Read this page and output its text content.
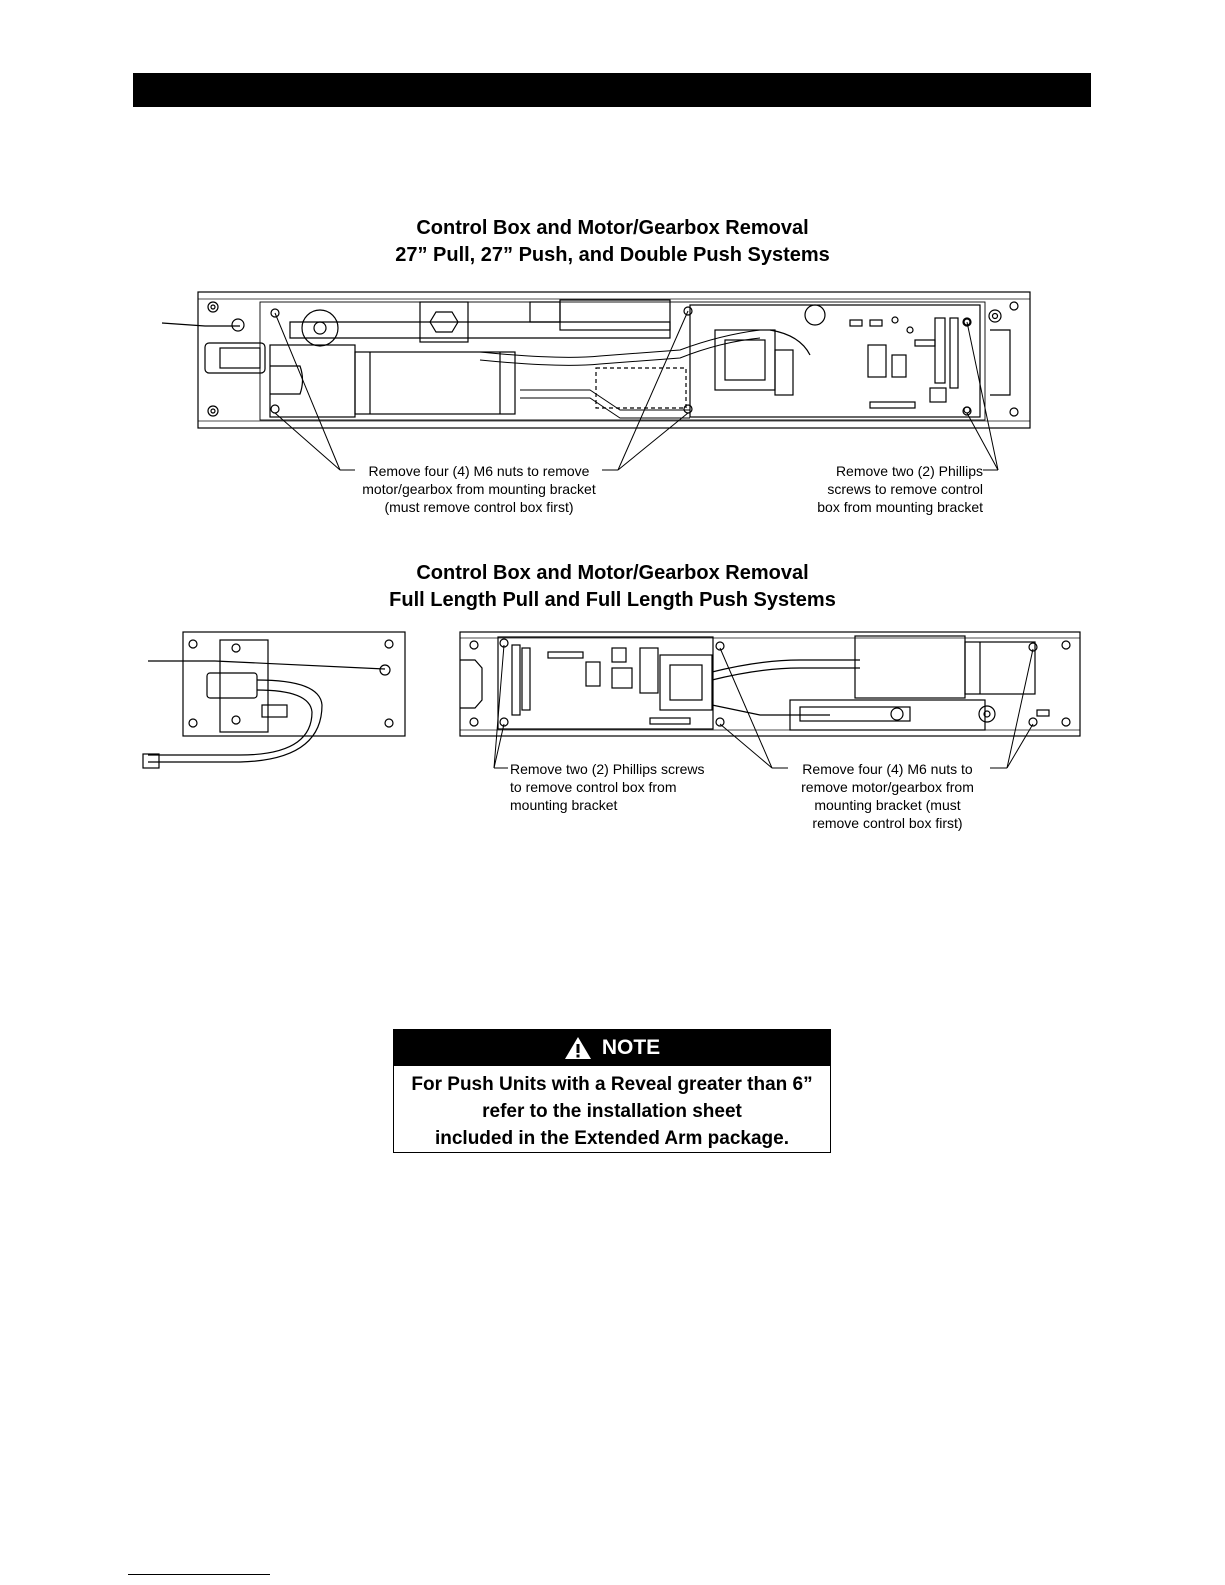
Control Box and Motor/Gearbox Removal
27” Pull, 27” Push, and Double Push Systems
Control Box and Motor/Gearbox Removal
Full Length Pull and Full Length Push Systems
Remove four (4) M6 nuts to remove
motor/gearbox from mounting bracket
(must remove control box first)
Remove two (2) Phillips
screws to remove control
box from mounting bracket
Remove two (2) Phillips screws
to remove control box from
mounting bracket
Remove four (4) M6 nuts to
remove motor/gearbox from
mounting bracket (must
remove control box first)
NOTE
For Push Units with a Reveal greater than 6”
refer to the installation sheet
included in the Extended Arm package.
